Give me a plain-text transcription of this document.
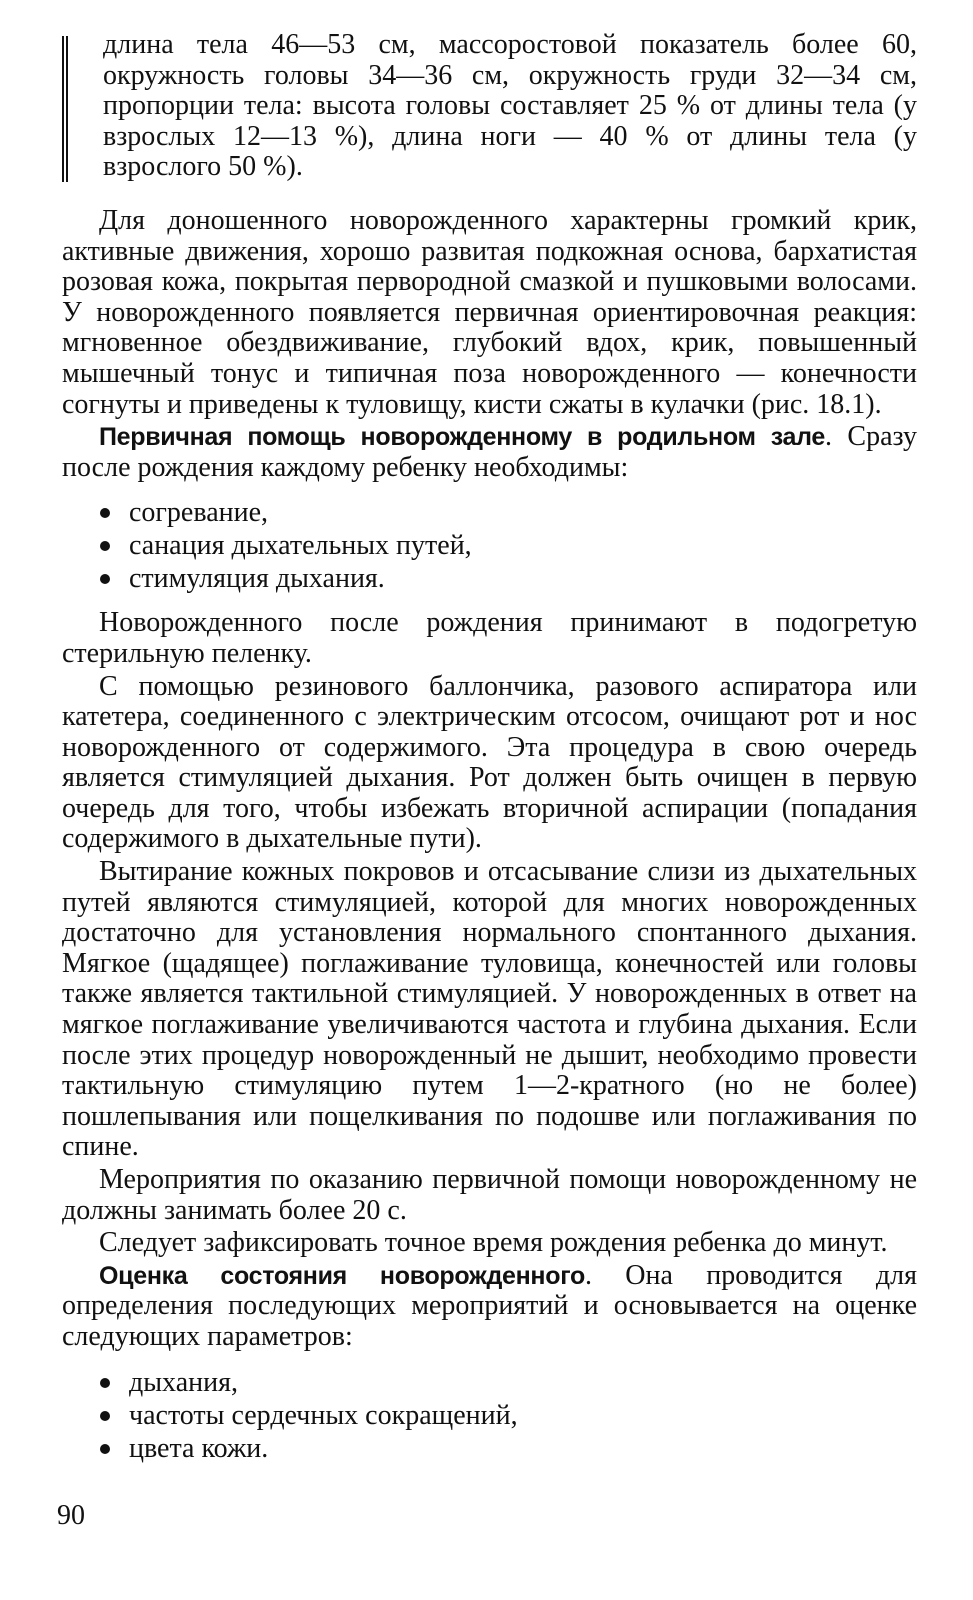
длина тела 46—53 см, массоростовой показатель более 60, окружность головы 34—36 см, окружность груди 32—34 см, пропорции тела: высота головы составляет 25 % от длины тела (у взрослых 12—13 %), длина ноги — 40 % от длины тела (у взрослого 50 %).

Для доношенного новорожденного характерны громкий крик, активные движения, хорошо развитая подкожная основа, бархатистая розовая кожа, покрытая первородной смазкой и пушковыми волосами. У новорожденного появляется первичная ориентировочная реакция: мгновенное обездвиживание, глубокий вдох, крик, повышенный мышечный тонус и типичная поза новорожденного — конечности согнуты и приведены к туловищу, кисти сжаты в кулачки (рис. 18.1).

Первичная помощь новорожденному в родильном зале. Сразу после рождения каждому ребенку необходимы:

согревание,
санация дыхательных путей,
стимуляция дыхания.

Новорожденного после рождения принимают в подогретую стерильную пеленку.

С помощью резинового баллончика, разового аспиратора или катетера, соединенного с электрическим отсосом, очищают рот и нос новорожденного от содержимого. Эта процедура в свою очередь является стимуляцией дыхания. Рот должен быть очищен в первую очередь для того, чтобы избежать вторичной аспирации (попадания содержимого в дыхательные пути).

Вытирание кожных покровов и отсасывание слизи из дыхательных путей являются стимуляцией, которой для многих новорожденных достаточно для установления нормального спонтанного дыхания. Мягкое (щадящее) поглаживание туловища, конечностей или головы также является тактильной стимуляцией. У новорожденных в ответ на мягкое поглаживание увеличиваются частота и глубина дыхания. Если после этих процедур новорожденный не дышит, необходимо провести тактильную стимуляцию путем 1—2-кратного (но не более) пошлепывания или пощелкивания по подошве или поглаживания по спине.

Мероприятия по оказанию первичной помощи новорожденному не должны занимать более 20 с.

Следует зафиксировать точное время рождения ребенка до минут.

Оценка состояния новорожденного. Она проводится для определения последующих мероприятий и основывается на оценке следующих параметров:

дыхания,
частоты сердечных сокращений,
цвета кожи.
90
